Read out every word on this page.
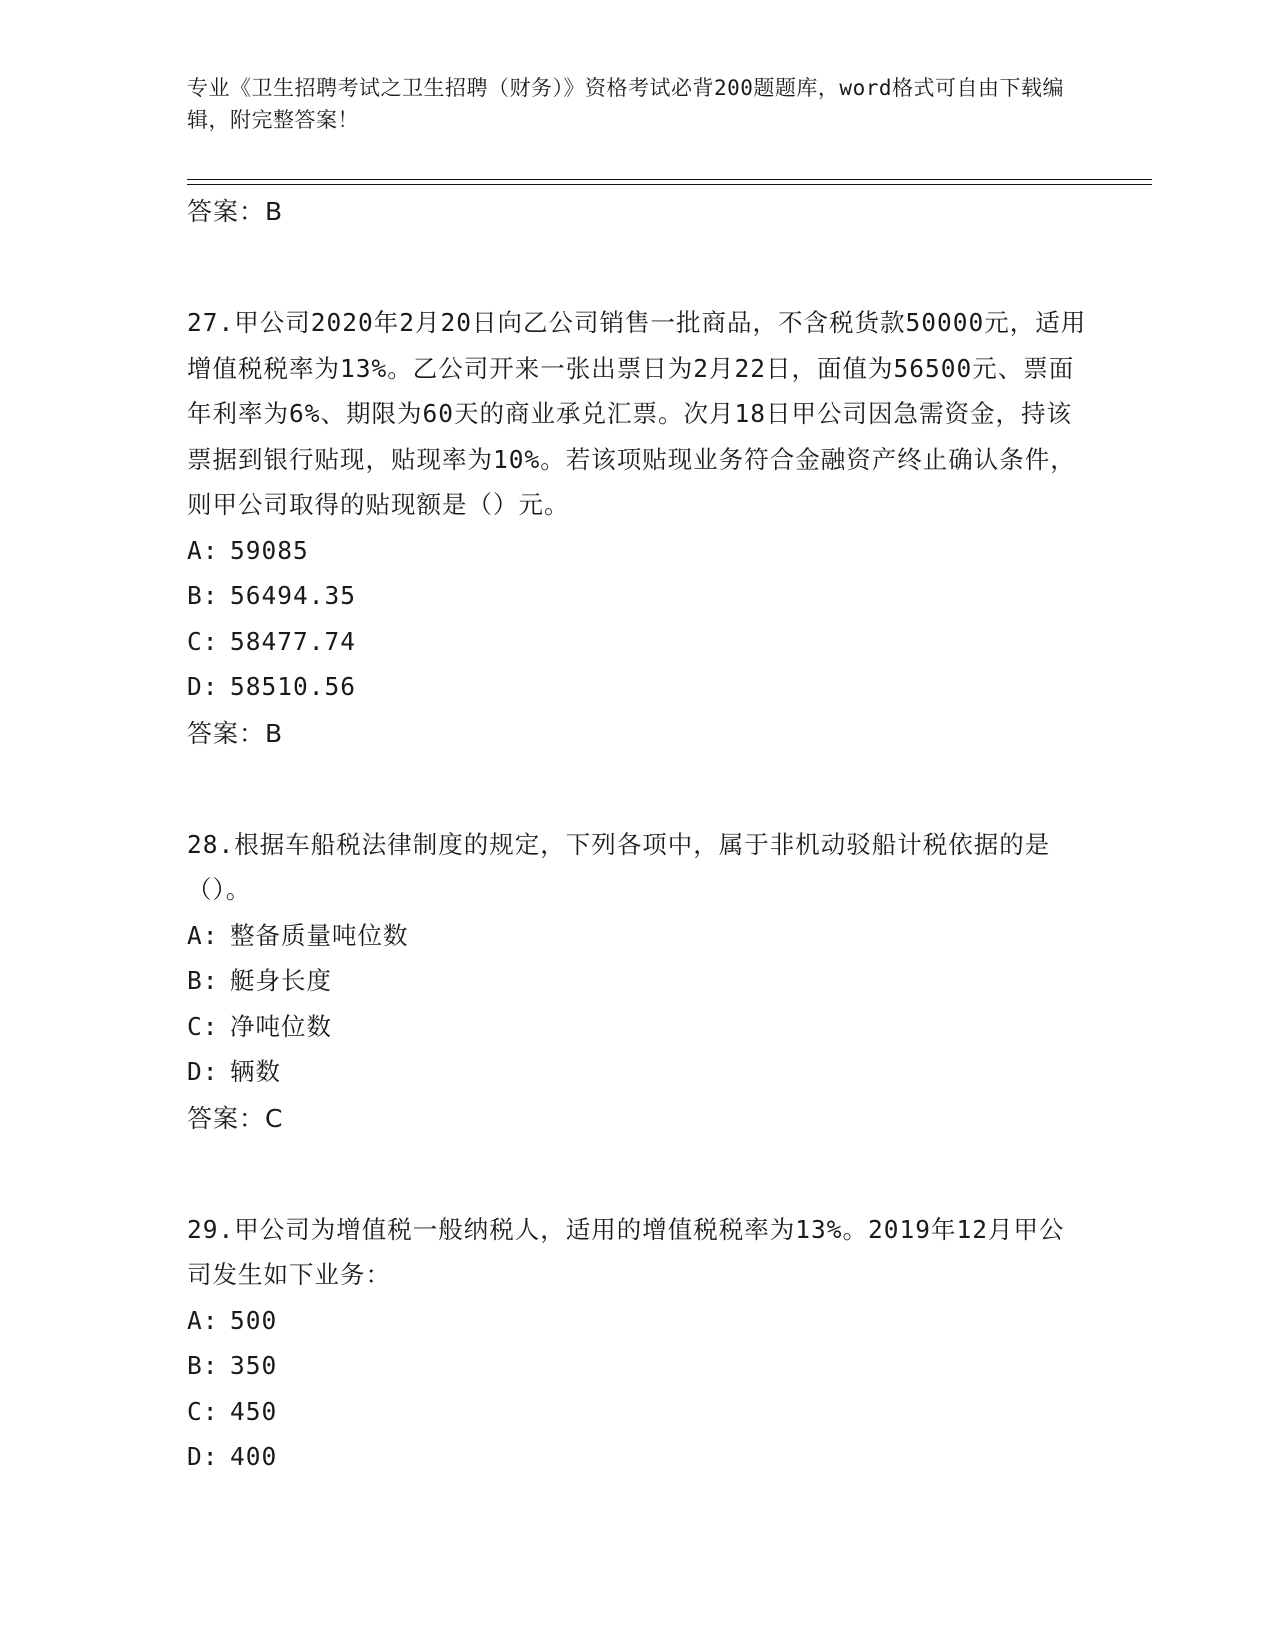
专业《卫生招聘考试之卫生招聘（财务）》资格考试必背200题题库，word格式可自由下载编辑，附完整答案！
答案：B
27.甲公司2020年2月20日向乙公司销售一批商品，不含税货款50000元，适用增值税税率为13%。乙公司开来一张出票日为2月22日，面值为56500元、票面年利率为6%、期限为60天的商业承兑汇票。次月18日甲公司因急需资金，持该票据到银行贴现，贴现率为10%。若该项贴现业务符合金融资产终止确认条件，则甲公司取得的贴现额是（）元。
A: 59085
B: 56494.35
C: 58477.74
D: 58510.56
答案：B
28.根据车船税法律制度的规定，下列各项中，属于非机动驳船计税依据的是（）。
A: 整备质量吨位数
B: 艇身长度
C: 净吨位数
D: 辆数
答案：C
29.甲公司为增值税一般纳税人，适用的增值税税率为13%。2019年12月甲公司发生如下业务：
A: 500
B: 350
C: 450
D: 400
